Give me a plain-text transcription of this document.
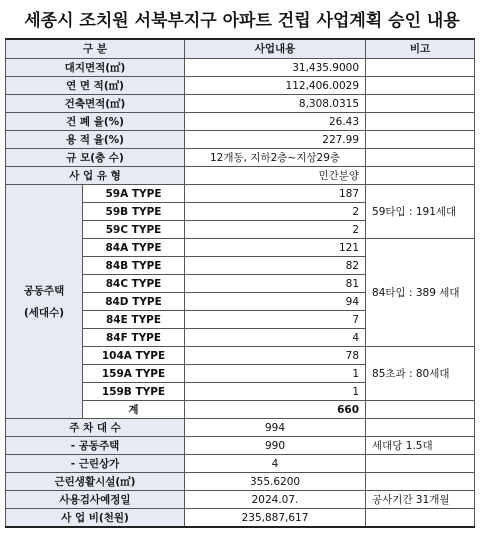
세종시 조치원 서북부지구 아파트 건립 사업계획 승인 내용
구 분		사업내용	비고
대지면적(㎡)		31,435.9000	
연 면 적(㎡)		112,406.0029	
건축면적(㎡)		8,308.0315	
건 폐 율(%)		26.43	
용 적 율(%)		227.99	
규 모(층 수)		12개동, 지하2층~지상29층	
사 업 유 형		민간분양	
공동주택
(세대수)	59A TYPE	187	59타입 : 191세대
	59B TYPE	2	
	59C TYPE	2	
	84A TYPE	121	84타입 : 389 세대
	84B TYPE	82	
	84C TYPE	81	
	84D TYPE	94	
	84E TYPE	7	
	84F TYPE	4	
	104A TYPE	78	85초과 : 80세대
	159A TYPE	1	
	159B TYPE	1	
	계	660	
주 차 대 수		994	
- 공동주택		990	세대당 1.5대
- 근린상가		4	
근린생활시설(㎡)		355.6200	
사용검사예정일		2024.07.	공사기간 31개월
사 업 비(천원)		235,887,617	
